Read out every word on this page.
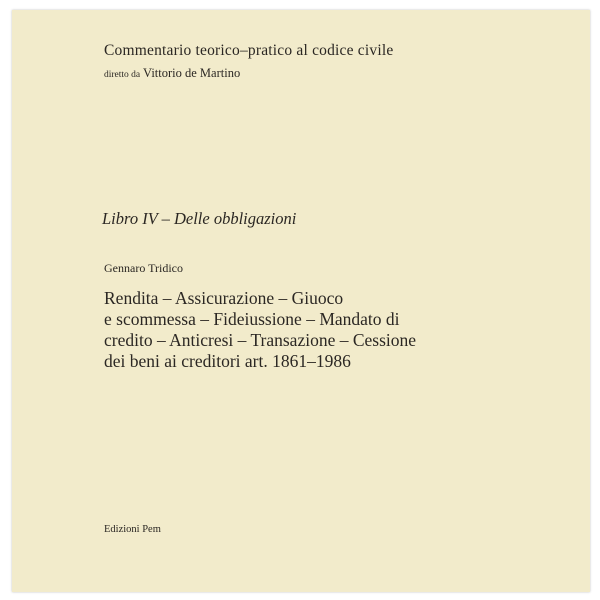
Commentario teorico–pratico al codice civile
diretto da Vittorio de Martino
Libro IV – Delle obbligazioni
Gennaro Tridico
Rendita – Assicurazione – Giuoco
e scommessa – Fideiussione – Mandato di
credito – Anticresi – Transazione – Cessione
dei beni ai creditori art. 1861–1986
Edizioni Pem
